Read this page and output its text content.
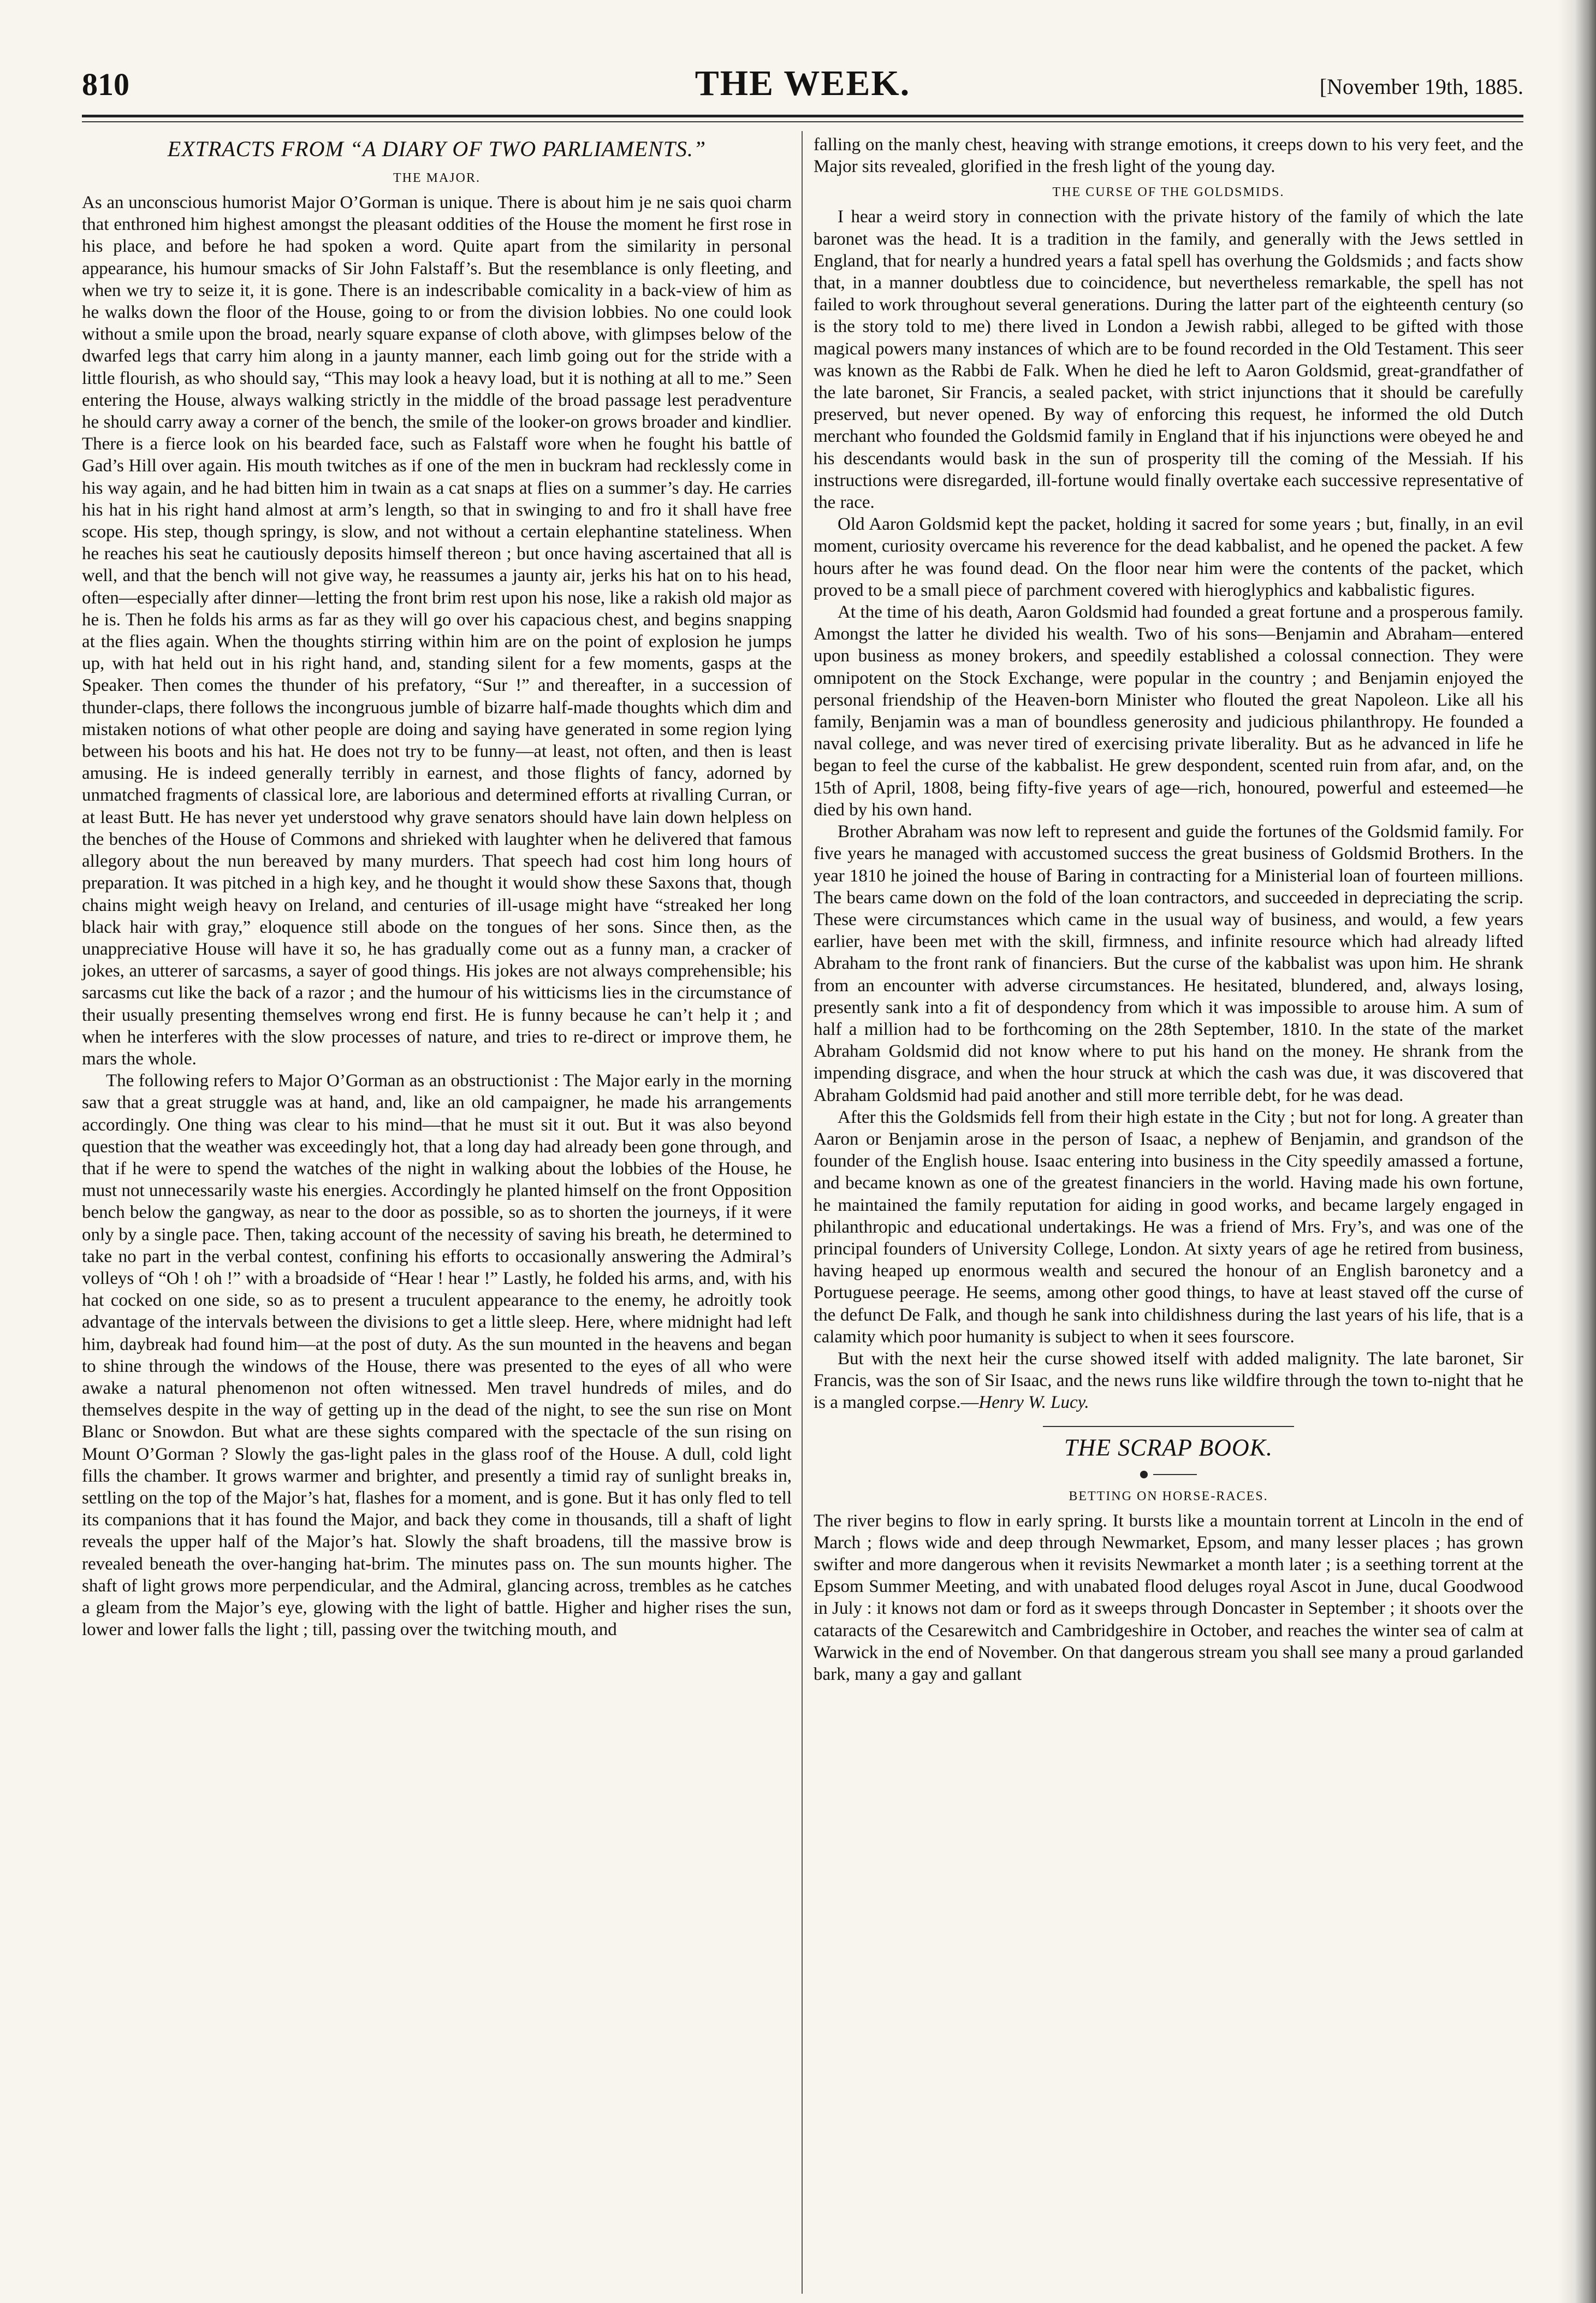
810	THE WEEK.	[November 19th, 1885.
EXTRACTS FROM “A DIARY OF TWO PARLIAMENTS.”
THE MAJOR.

As an unconscious humorist Major O’Gorman is unique. There is about him je ne sais quoi charm that enthroned him highest amongst the pleasant oddities of the House the moment he first rose in his place, and before he had spoken a word. Quite apart from the similarity in personal appearance, his humour smacks of Sir John Falstaff’s. But the resemblance is only fleeting, and when we try to seize it, it is gone. There is an indescribable comicality in a back-view of him as he walks down the floor of the House, going to or from the division lobbies. No one could look without a smile upon the broad, nearly square expanse of cloth above, with glimpses below of the dwarfed legs that carry him along in a jaunty manner, each limb going out for the stride with a little flourish, as who should say, “This may look a heavy load, but it is nothing at all to me.” Seen entering the House, always walking strictly in the middle of the broad passage lest peradventure he should carry away a corner of the bench, the smile of the looker-on grows broader and kindlier. There is a fierce look on his bearded face, such as Falstaff wore when he fought his battle of Gad’s Hill over again. His mouth twitches as if one of the men in buckram had recklessly come in his way again, and he had bitten him in twain as a cat snaps at flies on a summer’s day. He carries his hat in his right hand almost at arm’s length, so that in swinging to and fro it shall have free scope. His step, though springy, is slow, and not without a certain elephantine stateliness. When he reaches his seat he cautiously deposits himself thereon ; but once having ascertained that all is well, and that the bench will not give way, he reassumes a jaunty air, jerks his hat on to his head, often—especially after dinner—letting the front brim rest upon his nose, like a rakish old major as he is. Then he folds his arms as far as they will go over his capacious chest, and begins snapping at the flies again. When the thoughts stirring within him are on the point of explosion he jumps up, with hat held out in his right hand, and, standing silent for a few moments, gasps at the Speaker. Then comes the thunder of his prefatory, “Sur !” and thereafter, in a succession of thunder-claps, there follows the incongruous jumble of bizarre half-made thoughts which dim and mistaken notions of what other people are doing and saying have generated in some region lying between his boots and his hat. He does not try to be funny—at least, not often, and then is least amusing. He is indeed generally terribly in earnest, and those flights of fancy, adorned by unmatched fragments of classical lore, are laborious and determined efforts at rivalling Curran, or at least Butt. He has never yet understood why grave senators should have lain down helpless on the benches of the House of Commons and shrieked with laughter when he delivered that famous allegory about the nun bereaved by many murders. That speech had cost him long hours of preparation. It was pitched in a high key, and he thought it would show these Saxons that, though chains might weigh heavy on Ireland, and centuries of ill-usage might have “streaked her long black hair with gray,” eloquence still abode on the tongues of her sons. Since then, as the unappreciative House will have it so, he has gradually come out as a funny man, a cracker of jokes, an utterer of sarcasms, a sayer of good things. His jokes are not always comprehensible; his sarcasms cut like the back of a razor ; and the humour of his witticisms lies in the circumstance of their usually presenting themselves wrong end first. He is funny because he can’t help it ; and when he interferes with the slow processes of nature, and tries to re-direct or improve them, he mars the whole.

The following refers to Major O’Gorman as an obstructionist : The Major early in the morning saw that a great struggle was at hand, and, like an old campaigner, he made his arrangements accordingly. One thing was clear to his mind—that he must sit it out. But it was also beyond question that the weather was exceedingly hot, that a long day had already been gone through, and that if he were to spend the watches of the night in walking about the lobbies of the House, he must not unnecessarily waste his energies. Accordingly he planted himself on the front Opposition bench below the gangway, as near to the door as possible, so as to shorten the journeys, if it were only by a single pace. Then, taking account of the necessity of saving his breath, he determined to take no part in the verbal contest, confining his efforts to occasionally answering the Admiral’s volleys of “Oh ! oh !” with a broadside of “Hear ! hear !” Lastly, he folded his arms, and, with his hat cocked on one side, so as to present a truculent appearance to the enemy, he adroitly took advantage of the intervals between the divisions to get a little sleep. Here, where midnight had left him, daybreak had found him—at the post of duty. As the sun mounted in the heavens and began to shine through the windows of the House, there was presented to the eyes of all who were awake a natural phenomenon not often witnessed. Men travel hundreds of miles, and do themselves despite in the way of getting up in the dead of the night, to see the sun rise on Mont Blanc or Snowdon. But what are these sights compared with the spectacle of the sun rising on Mount O’Gorman ? Slowly the gas-light pales in the glass roof of the House. A dull, cold light fills the chamber. It grows warmer and brighter, and presently a timid ray of sunlight breaks in, settling on the top of the Major’s hat, flashes for a moment, and is gone. But it has only fled to tell its companions that it has found the Major, and back they come in thousands, till a shaft of light reveals the upper half of the Major’s hat. Slowly the shaft broadens, till the massive brow is revealed beneath the over-hanging hat-brim. The minutes pass on. The sun mounts higher. The shaft of light grows more perpendicular, and the Admiral, glancing across, trembles as he catches a gleam from the Major’s eye, glowing with the light of battle. Higher and higher rises the sun, lower and lower falls the light ; till, passing over the twitching mouth, and

falling on the manly chest, heaving with strange emotions, it creeps down to his very feet, and the Major sits revealed, glorified in the fresh light of the young day.

THE CURSE OF THE GOLDSMIDS.

I hear a weird story in connection with the private history of the family of which the late baronet was the head. It is a tradition in the family, and generally with the Jews settled in England, that for nearly a hundred years a fatal spell has overhung the Goldsmids ; and facts show that, in a manner doubtless due to coincidence, but nevertheless remarkable, the spell has not failed to work throughout several generations. During the latter part of the eighteenth century (so is the story told to me) there lived in London a Jewish rabbi, alleged to be gifted with those magical powers many instances of which are to be found recorded in the Old Testament. This seer was known as the Rabbi de Falk. When he died he left to Aaron Goldsmid, great-grandfather of the late baronet, Sir Francis, a sealed packet, with strict injunctions that it should be carefully preserved, but never opened. By way of enforcing this request, he informed the old Dutch merchant who founded the Goldsmid family in England that if his injunctions were obeyed he and his descendants would bask in the sun of prosperity till the coming of the Messiah. If his instructions were disregarded, ill-fortune would finally overtake each successive representative of the race.

Old Aaron Goldsmid kept the packet, holding it sacred for some years ; but, finally, in an evil moment, curiosity overcame his reverence for the dead kabbalist, and he opened the packet. A few hours after he was found dead. On the floor near him were the contents of the packet, which proved to be a small piece of parchment covered with hieroglyphics and kabbalistic figures.

At the time of his death, Aaron Goldsmid had founded a great fortune and a prosperous family. Amongst the latter he divided his wealth. Two of his sons—Benjamin and Abraham—entered upon business as money brokers, and speedily established a colossal connection. They were omnipotent on the Stock Exchange, were popular in the country ; and Benjamin enjoyed the personal friendship of the Heaven-born Minister who flouted the great Napoleon. Like all his family, Benjamin was a man of boundless generosity and judicious philanthropy. He founded a naval college, and was never tired of exercising private liberality. But as he advanced in life he began to feel the curse of the kabbalist. He grew despondent, scented ruin from afar, and, on the 15th of April, 1808, being fifty-five years of age—rich, honoured, powerful and esteemed—he died by his own hand.

Brother Abraham was now left to represent and guide the fortunes of the Goldsmid family. For five years he managed with accustomed success the great business of Goldsmid Brothers. In the year 1810 he joined the house of Baring in contracting for a Ministerial loan of fourteen millions. The bears came down on the fold of the loan contractors, and succeeded in depreciating the scrip. These were circumstances which came in the usual way of business, and would, a few years earlier, have been met with the skill, firmness, and infinite resource which had already lifted Abraham to the front rank of financiers. But the curse of the kabbalist was upon him. He shrank from an encounter with adverse circumstances. He hesitated, blundered, and, always losing, presently sank into a fit of despondency from which it was impossible to arouse him. A sum of half a million had to be forthcoming on the 28th September, 1810. In the state of the market Abraham Goldsmid did not know where to put his hand on the money. He shrank from the impending disgrace, and when the hour struck at which the cash was due, it was discovered that Abraham Goldsmid had paid another and still more terrible debt, for he was dead.

After this the Goldsmids fell from their high estate in the City ; but not for long. A greater than Aaron or Benjamin arose in the person of Isaac, a nephew of Benjamin, and grandson of the founder of the English house. Isaac entering into business in the City speedily amassed a fortune, and became known as one of the greatest financiers in the world. Having made his own fortune, he maintained the family reputation for aiding in good works, and became largely engaged in philanthropic and educational undertakings. He was a friend of Mrs. Fry’s, and was one of the principal founders of University College, London. At sixty years of age he retired from business, having heaped up enormous wealth and secured the honour of an English baronetcy and a Portuguese peerage. He seems, among other good things, to have at least staved off the curse of the defunct De Falk, and though he sank into childishness during the last years of his life, that is a calamity which poor humanity is subject to when it sees fourscore.

But with the next heir the curse showed itself with added malignity. The late baronet, Sir Francis, was the son of Sir Isaac, and the news runs like wildfire through the town to-night that he is a mangled corpse.—Henry W. Lucy.

THE SCRAP BOOK.
BETTING ON HORSE-RACES.

The river begins to flow in early spring. It bursts like a mountain torrent at Lincoln in the end of March ; flows wide and deep through Newmarket, Epsom, and many lesser places ; has grown swifter and more dangerous when it revisits Newmarket a month later ; is a seething torrent at the Epsom Summer Meeting, and with unabated flood deluges royal Ascot in June, ducal Goodwood in July : it knows not dam or ford as it sweeps through Doncaster in September ; it shoots over the cataracts of the Cesarewitch and Cambridgeshire in October, and reaches the winter sea of calm at Warwick in the end of November. On that dangerous stream you shall see many a proud garlanded bark, many a gay and gallant
